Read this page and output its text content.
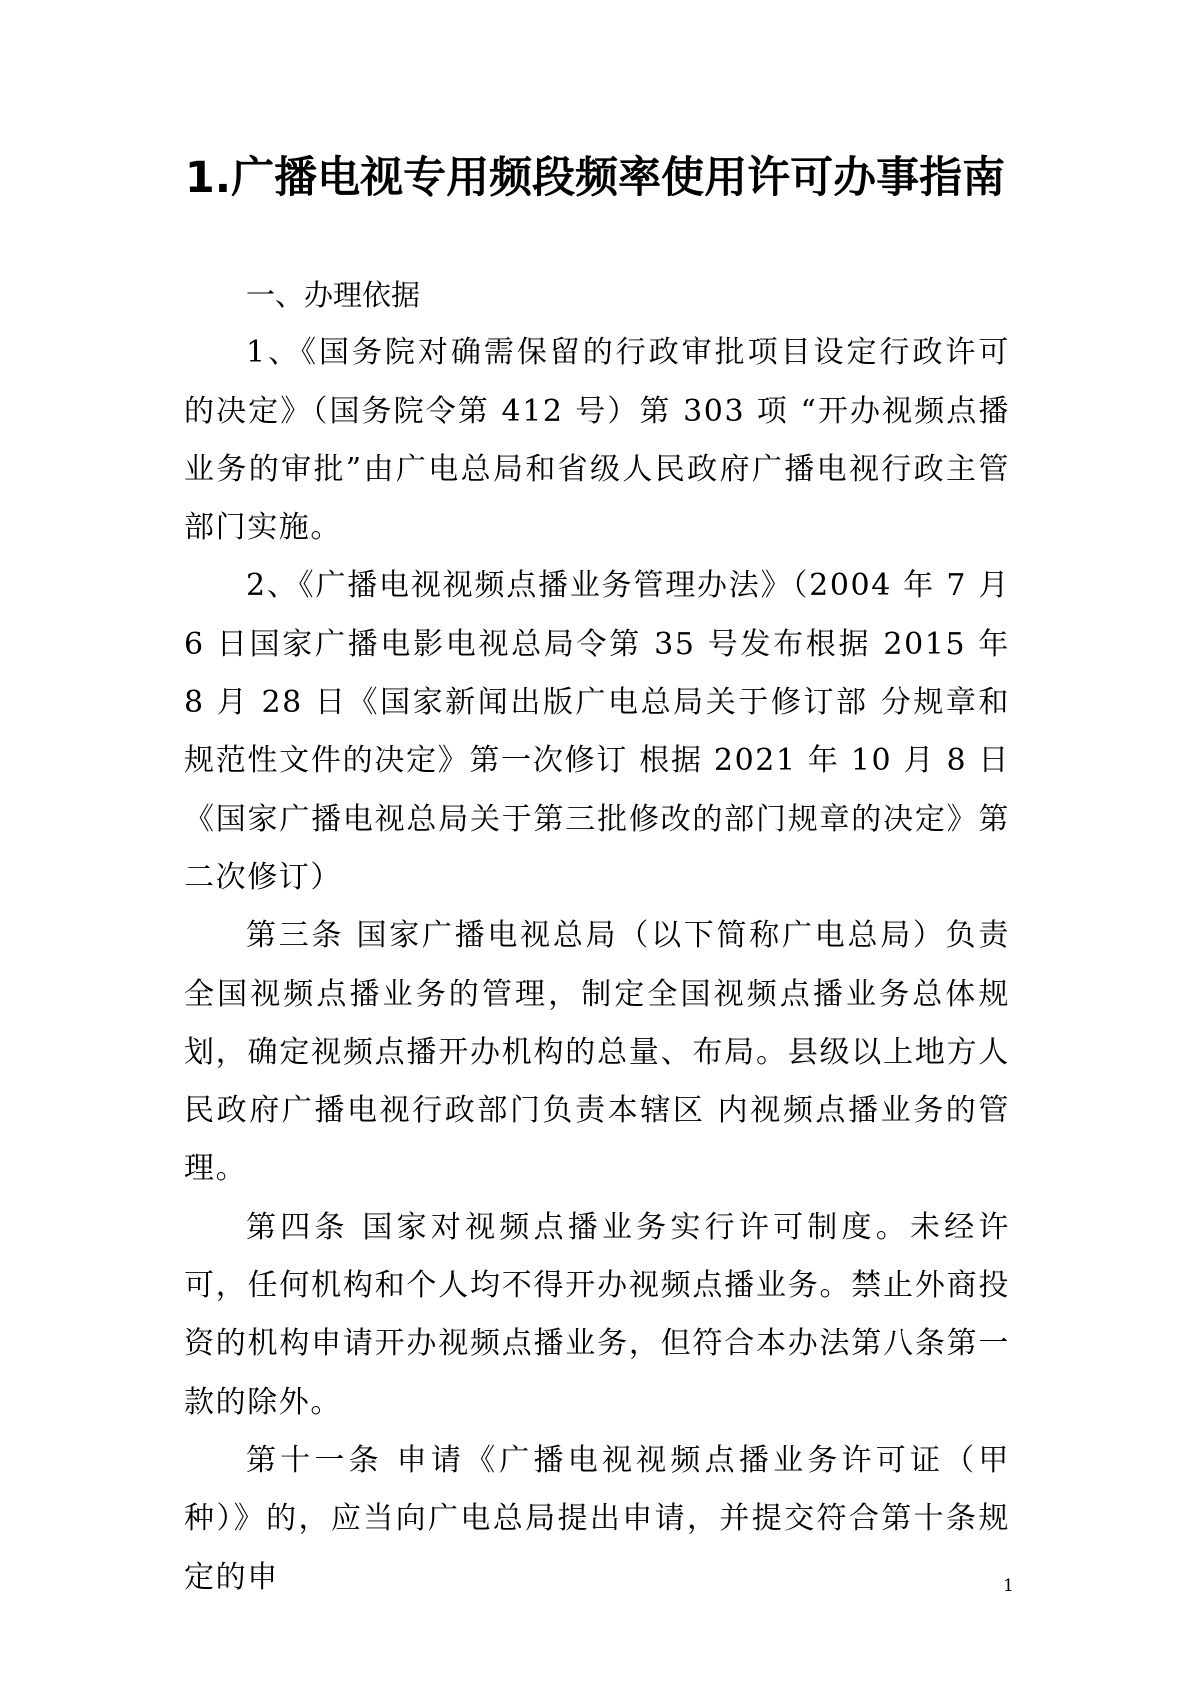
1.广播电视专用频段频率使用许可办事指南

一、办理依据

1、《国务院对确需保留的行政审批项目设定行政许可的决定》（国务院令第 412 号）第 303 项 “开办视频点播业务的审批”由广电总局和省级人民政府广播电视行政主管部门实施。

2、《广播电视视频点播业务管理办法》（2004 年 7 月 6 日国家广播电影电视总局令第 35 号发布根据 2015 年 8 月 28 日《国家新闻出版广电总局关于修订部 分规章和规范性文件的决定》第一次修订 根据 2021 年 10 月 8 日《国家广播电视总局关于第三批修改的部门规章的决定》第二次修订）

第三条 国家广播电视总局（以下简称广电总局）负责全国视频点播业务的管理，制定全国视频点播业务总体规划，确定视频点播开办机构的总量、布局。县级以上地方人民政府广播电视行政部门负责本辖区 内视频点播业务的管理。

第四条 国家对视频点播业务实行许可制度。未经许可，任何机构和个人均不得开办视频点播业务。禁止外商投资的机构申请开办视频点播业务，但符合本办法第八条第一款的除外。

第十一条 申请《广播电视视频点播业务许可证（甲种）》的，应当向广电总局提出申请，并提交符合第十条规定的申	1
